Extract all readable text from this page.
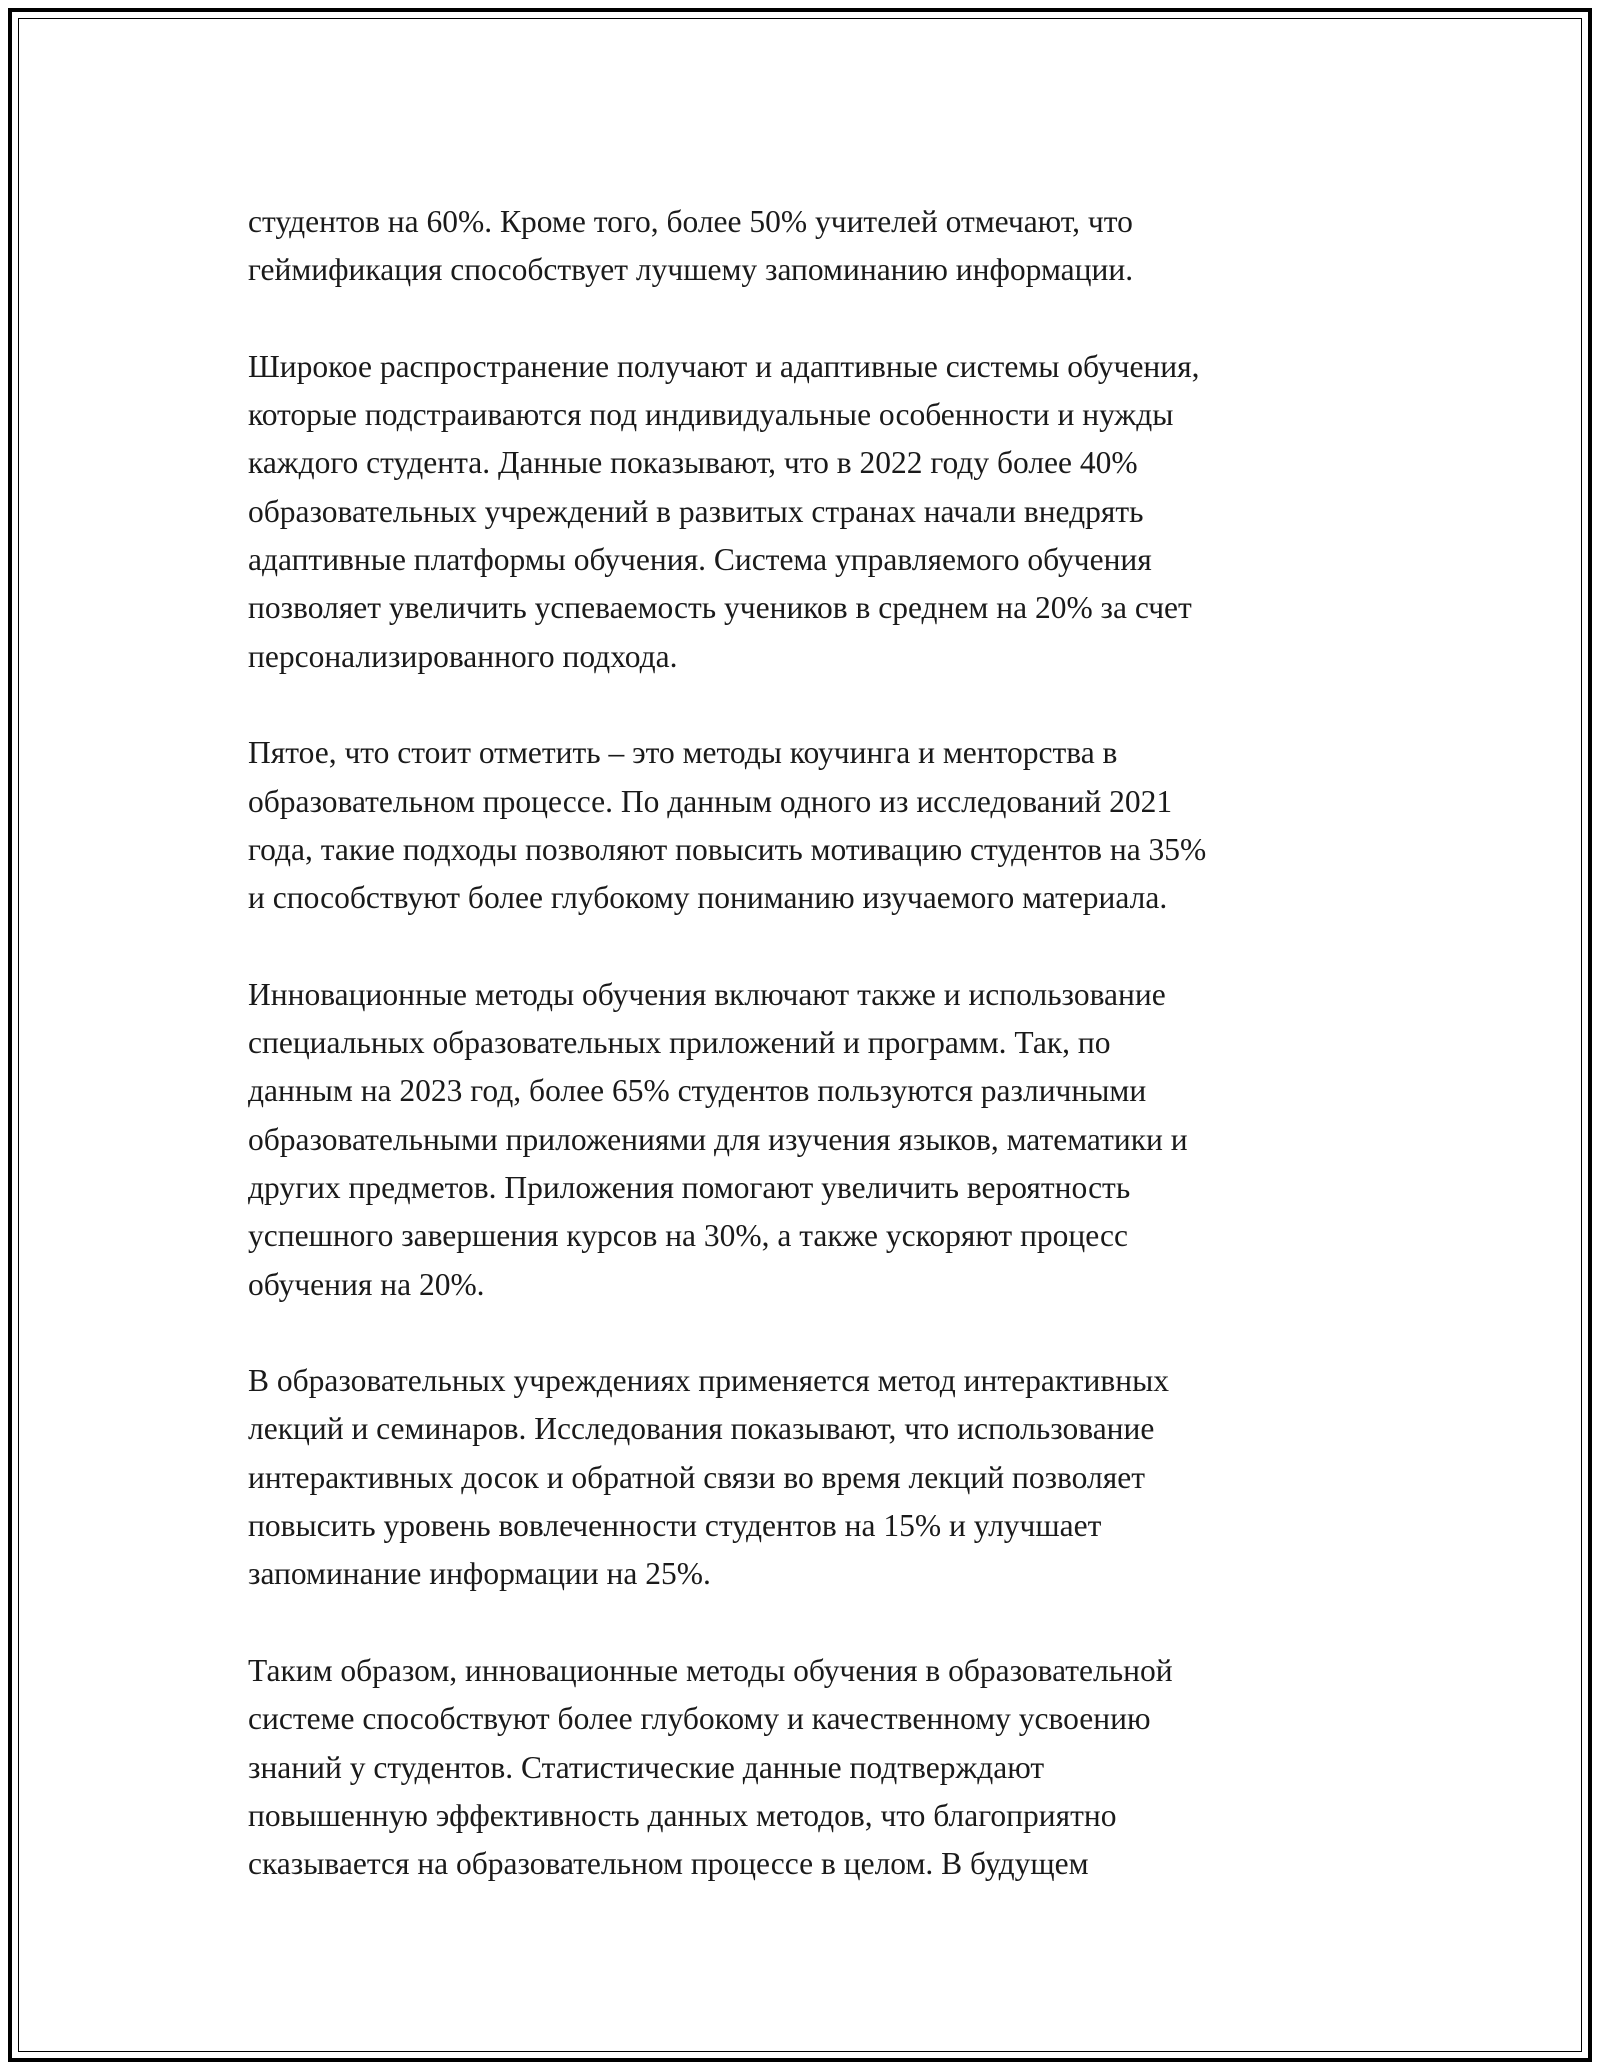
студентов на 60%. Кроме того, более 50% учителей отмечают, что
геймификация способствует лучшему запоминанию информации.

Широкое распространение получают и адаптивные системы обучения,
которые подстраиваются под индивидуальные особенности и нужды
каждого студента. Данные показывают, что в 2022 году более 40%
образовательных учреждений в развитых странах начали внедрять
адаптивные платформы обучения. Система управляемого обучения
позволяет увеличить успеваемость учеников в среднем на 20% за счет
персонализированного подхода.

Пятое, что стоит отметить – это методы коучинга и менторства в
образовательном процессе. По данным одного из исследований 2021
года, такие подходы позволяют повысить мотивацию студентов на 35%
и способствуют более глубокому пониманию изучаемого материала.

Инновационные методы обучения включают также и использование
специальных образовательных приложений и программ. Так, по
данным на 2023 год, более 65% студентов пользуются различными
образовательными приложениями для изучения языков, математики и
других предметов. Приложения помогают увеличить вероятность
успешного завершения курсов на 30%, а также ускоряют процесс
обучения на 20%.

В образовательных учреждениях применяется метод интерактивных
лекций и семинаров. Исследования показывают, что использование
интерактивных досок и обратной связи во время лекций позволяет
повысить уровень вовлеченности студентов на 15% и улучшает
запоминание информации на 25%.

Таким образом, инновационные методы обучения в образовательной
системе способствуют более глубокому и качественному усвоению
знаний у студентов. Статистические данные подтверждают
повышенную эффективность данных методов, что благоприятно
сказывается на образовательном процессе в целом. В будущем
